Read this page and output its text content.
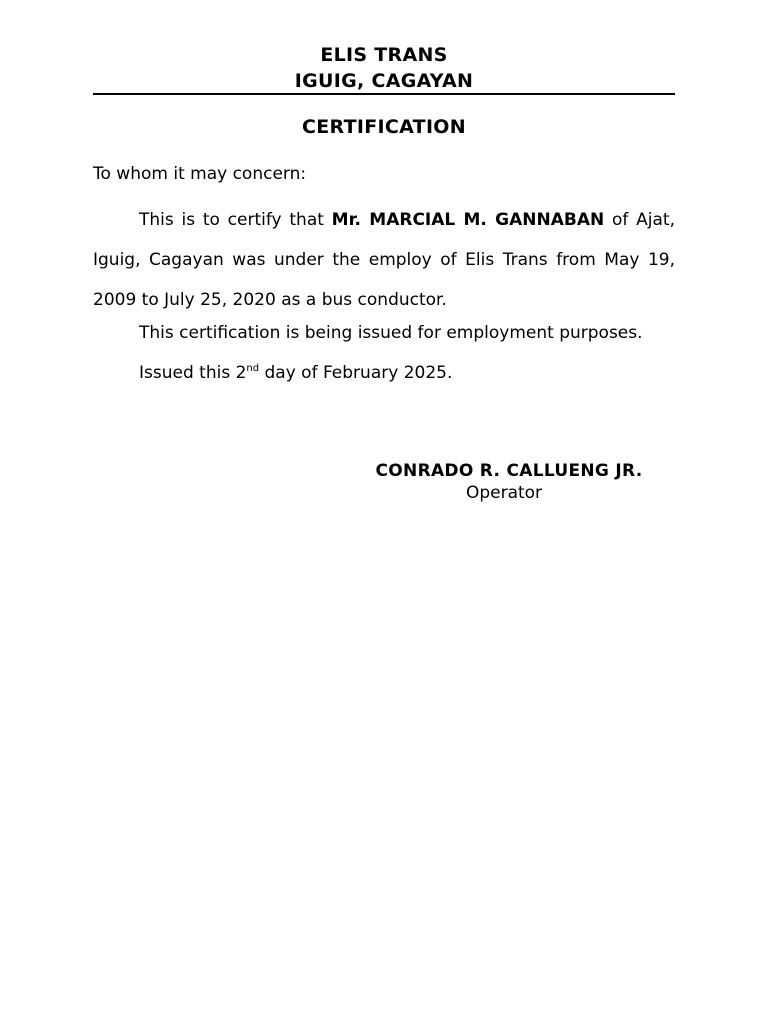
ELIS TRANS
IGUIG, CAGAYAN
CERTIFICATION
To whom it may concern:
This is to certify that Mr. MARCIAL M. GANNABAN of Ajat, Iguig, Cagayan was under the employ of Elis Trans from May 19, 2009 to July 25, 2020 as a bus conductor.
This certification is being issued for employment purposes.
Issued this 2nd day of February 2025.
CONRADO R. CALLUENG JR.
Operator
